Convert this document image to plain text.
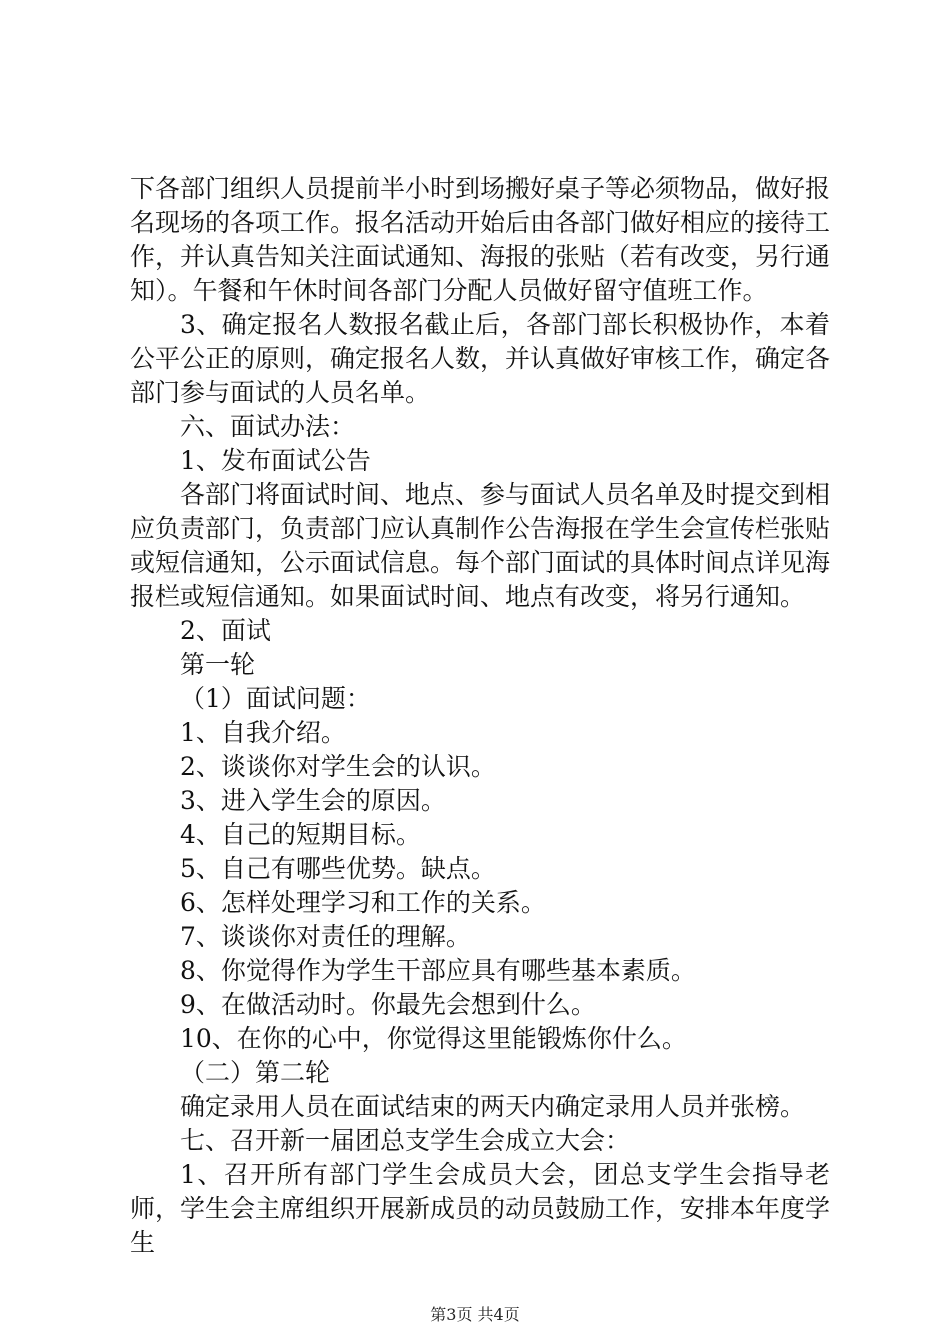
下各部门组织人员提前半小时到场搬好桌子等必须物品，做好报名现场的各项工作。报名活动开始后由各部门做好相应的接待工作，并认真告知关注面试通知、海报的张贴（若有改变，另行通知）。午餐和午休时间各部门分配人员做好留守值班工作。

3、确定报名人数报名截止后，各部门部长积极协作，本着公平公正的原则，确定报名人数，并认真做好审核工作，确定各部门参与面试的人员名单。

六、面试办法：

1、发布面试公告

各部门将面试时间、地点、参与面试人员名单及时提交到相应负责部门，负责部门应认真制作公告海报在学生会宣传栏张贴或短信通知，公示面试信息。每个部门面试的具体时间点详见海报栏或短信通知。如果面试时间、地点有改变，将另行通知。

2、面试

第一轮

（1）面试问题：

1、自我介绍。

2、谈谈你对学生会的认识。

3、进入学生会的原因。

4、自己的短期目标。

5、自己有哪些优势。缺点。

6、怎样处理学习和工作的关系。

7、谈谈你对责任的理解。

8、你觉得作为学生干部应具有哪些基本素质。

9、在做活动时。你最先会想到什么。

10、在你的心中，你觉得这里能锻炼你什么。

（二）第二轮

确定录用人员在面试结束的两天内确定录用人员并张榜。

七、召开新一届团总支学生会成立大会：

1、召开所有部门学生会成员大会，团总支学生会指导老师，学生会主席组织开展新成员的动员鼓励工作，安排本年度学生

第3页 共4页
